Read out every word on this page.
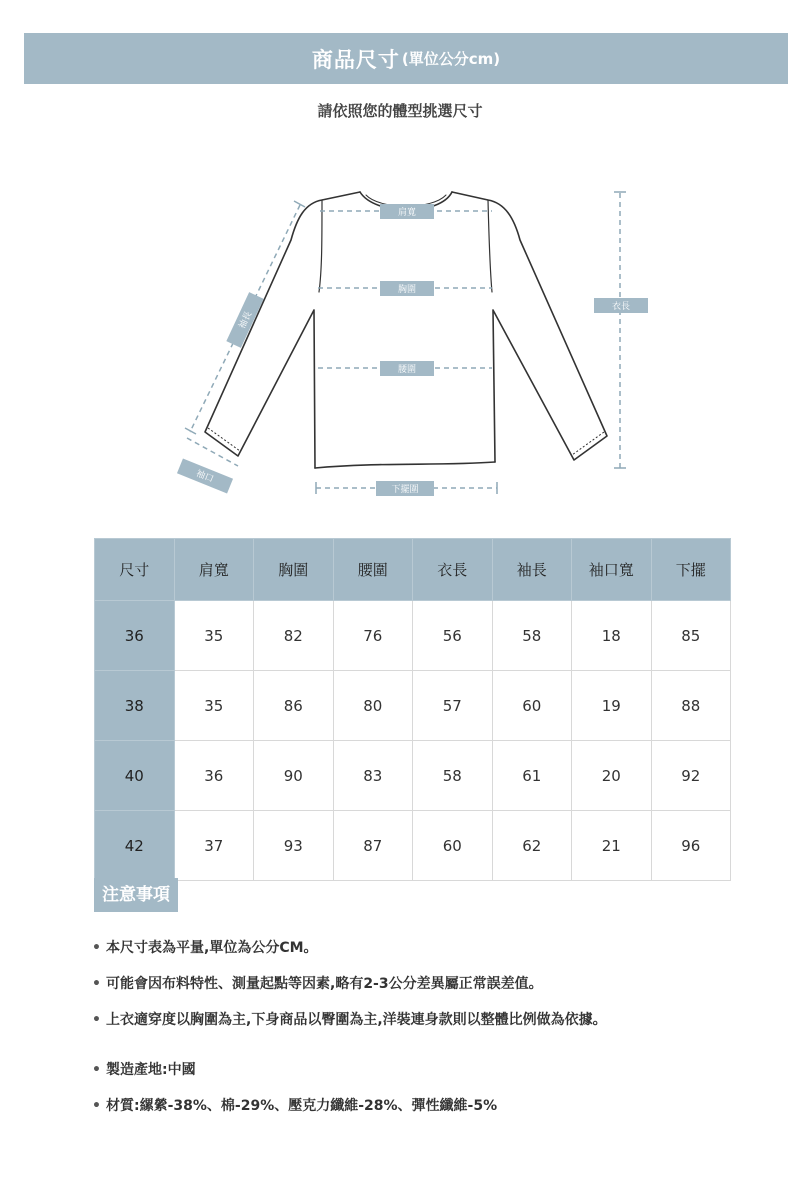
商品尺寸 (單位公分cm)
請依照您的體型挑選尺寸
肩寬
胸圍
腰圍
衣長
下擺圍
袖長
袖口
尺寸	肩寬	胸圍	腰圍	衣長	袖長	袖口寬	下擺
36	35	82	76	56	58	18	85
38	35	86	80	57	60	19	88
40	36	90	83	58	61	20	92
42	37	93	87	60	62	21	96
注意事項
• 本尺寸表為平量,單位為公分CM。
• 可能會因布料特性、測量起點等因素,略有2-3公分差異屬正常誤差值。
• 上衣適穿度以胸圍為主,下身商品以臀圍為主,洋裝連身款則以整體比例做為依據。
• 製造產地:中國
• 材質:縲縈-38%、棉-29%、壓克力纖維-28%、彈性纖維-5%
